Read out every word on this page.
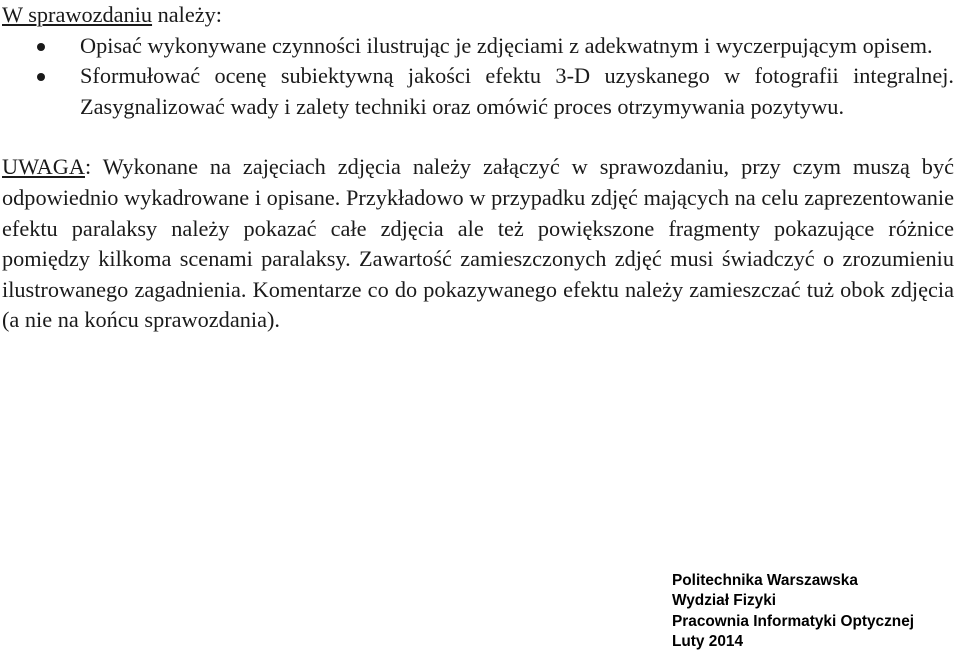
W sprawozdaniu należy:

Opisać wykonywane czynności ilustrując je zdjęciami z adekwatnym i wyczerpującym opisem.
Sformułować ocenę subiektywną jakości efektu 3-D uzyskanego w fotografii integralnej. Zasygnalizować wady i zalety techniki oraz omówić proces otrzymywania pozytywu.

UWAGA: Wykonane na zajęciach zdjęcia należy załączyć w sprawozdaniu, przy czym muszą być odpowiednio wykadrowane i opisane. Przykładowo w przypadku zdjęć mających na celu zaprezentowanie efektu paralaksy należy pokazać całe zdjęcia ale też powiększone fragmenty pokazujące różnice pomiędzy kilkoma scenami paralaksy. Zawartość zamieszczonych zdjęć musi świadczyć o zrozumieniu ilustrowanego zagadnienia. Komentarze co do pokazywanego efektu należy zamieszczać tuż obok zdjęcia (a nie na końcu sprawozdania).

Politechnika Warszawska
Wydział Fizyki
Pracownia Informatyki Optycznej
Luty 2014
